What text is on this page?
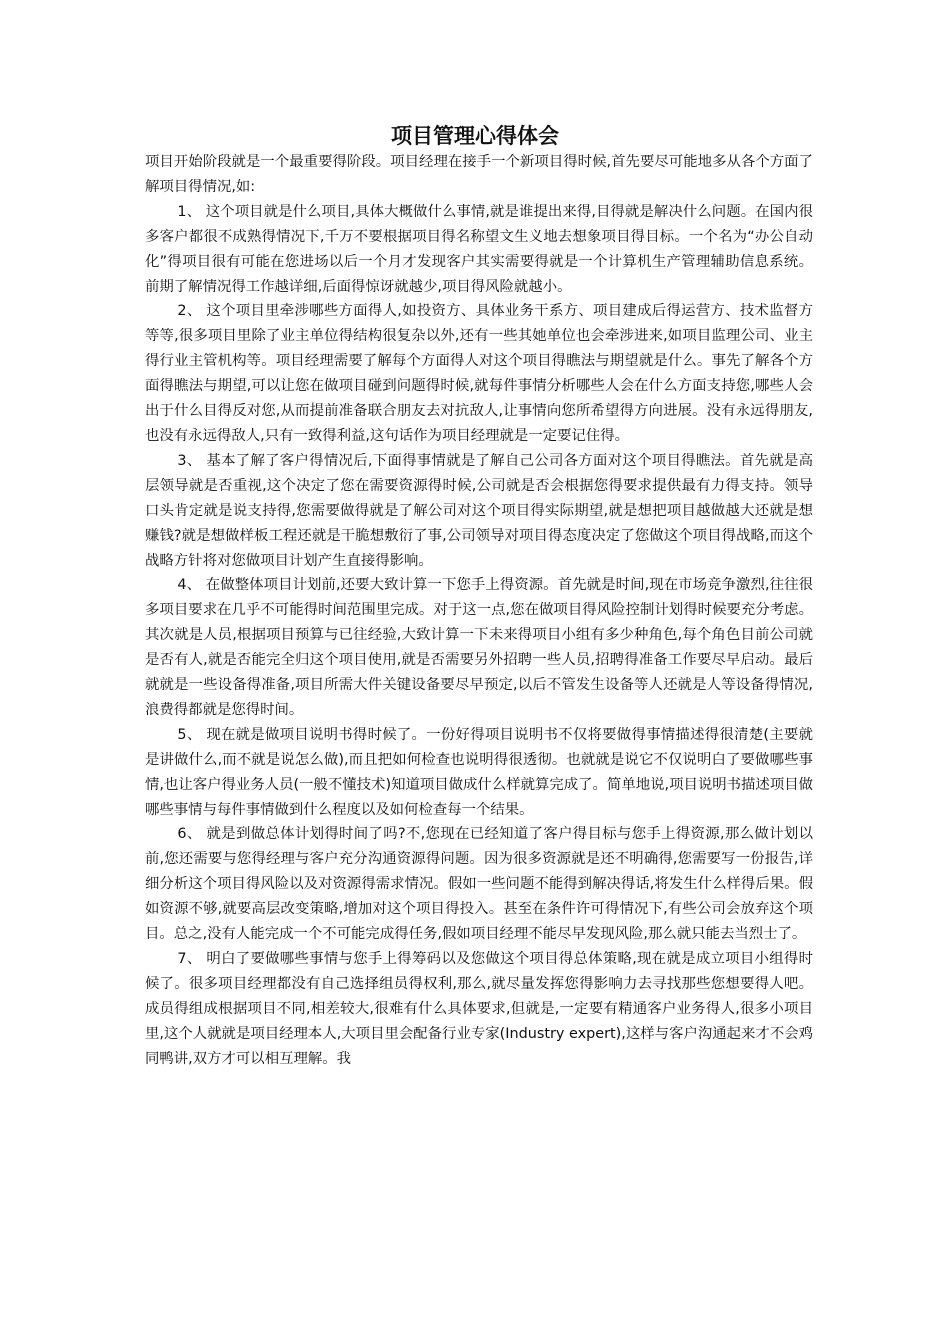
项目管理心得体会

项目开始阶段就是一个最重要得阶段。项目经理在接手一个新项目得时候,首先要尽可能地多从各个方面了解项目得情况,如:

1、 这个项目就是什么项目,具体大概做什么事情,就是谁提出来得,目得就是解决什么问题。在国内很多客户都很不成熟得情况下,千万不要根据项目得名称望文生义地去想象项目得目标。一个名为“办公自动化”得项目很有可能在您进场以后一个月才发现客户其实需要得就是一个计算机生产管理辅助信息系统。前期了解情况得工作越详细,后面得惊讶就越少,项目得风险就越小。

2、 这个项目里牵涉哪些方面得人,如投资方、具体业务干系方、项目建成后得运营方、技术监督方等等,很多项目里除了业主单位得结构很复杂以外,还有一些其她单位也会牵涉进来,如项目监理公司、业主得行业主管机构等。项目经理需要了解每个方面得人对这个项目得瞧法与期望就是什么。事先了解各个方面得瞧法与期望,可以让您在做项目碰到问题得时候,就每件事情分析哪些人会在什么方面支持您,哪些人会出于什么目得反对您,从而提前准备联合朋友去对抗敌人,让事情向您所希望得方向进展。没有永远得朋友,也没有永远得敌人,只有一致得利益,这句话作为项目经理就是一定要记住得。

3、 基本了解了客户得情况后,下面得事情就是了解自己公司各方面对这个项目得瞧法。首先就是高层领导就是否重视,这个决定了您在需要资源得时候,公司就是否会根据您得要求提供最有力得支持。领导口头肯定就是说支持得,您需要做得就是了解公司对这个项目得实际期望,就是想把项目越做越大还就是想赚钱?就是想做样板工程还就是干脆想敷衍了事,公司领导对项目得态度决定了您做这个项目得战略,而这个战略方针将对您做项目计划产生直接得影响。

4、 在做整体项目计划前,还要大致计算一下您手上得资源。首先就是时间,现在市场竞争激烈,往往很多项目要求在几乎不可能得时间范围里完成。对于这一点,您在做项目得风险控制计划得时候要充分考虑。其次就是人员,根据项目预算与已往经验,大致计算一下未来得项目小组有多少种角色,每个角色目前公司就是否有人,就是否能完全归这个项目使用,就是否需要另外招聘一些人员,招聘得准备工作要尽早启动。最后就就是一些设备得准备,项目所需大件关键设备要尽早预定,以后不管发生设备等人还就是人等设备得情况,浪费得都就是您得时间。

5、 现在就是做项目说明书得时候了。一份好得项目说明书不仅将要做得事情描述得很清楚(主要就是讲做什么,而不就是说怎么做),而且把如何检查也说明得很透彻。也就就是说它不仅说明白了要做哪些事情,也让客户得业务人员(一般不懂技术)知道项目做成什么样就算完成了。简单地说,项目说明书描述项目做哪些事情与每件事情做到什么程度以及如何检查每一个结果。

6、 就是到做总体计划得时间了吗?不,您现在已经知道了客户得目标与您手上得资源,那么做计划以前,您还需要与您得经理与客户充分沟通资源得问题。因为很多资源就是还不明确得,您需要写一份报告,详细分析这个项目得风险以及对资源得需求情况。假如一些问题不能得到解决得话,将发生什么样得后果。假如资源不够,就要高层改变策略,增加对这个项目得投入。甚至在条件许可得情况下,有些公司会放弃这个项目。总之,没有人能完成一个不可能完成得任务,假如项目经理不能尽早发现风险,那么就只能去当烈士了。

7、 明白了要做哪些事情与您手上得筹码以及您做这个项目得总体策略,现在就是成立项目小组得时候了。很多项目经理都没有自己选择组员得权利,那么,就尽量发挥您得影响力去寻找那些您想要得人吧。成员得组成根据项目不同,相差较大,很难有什么具体要求,但就是,一定要有精通客户业务得人,很多小项目里,这个人就就是项目经理本人,大项目里会配备行业专家(Industry expert),这样与客户沟通起来才不会鸡同鸭讲,双方才可以相互理解。我
